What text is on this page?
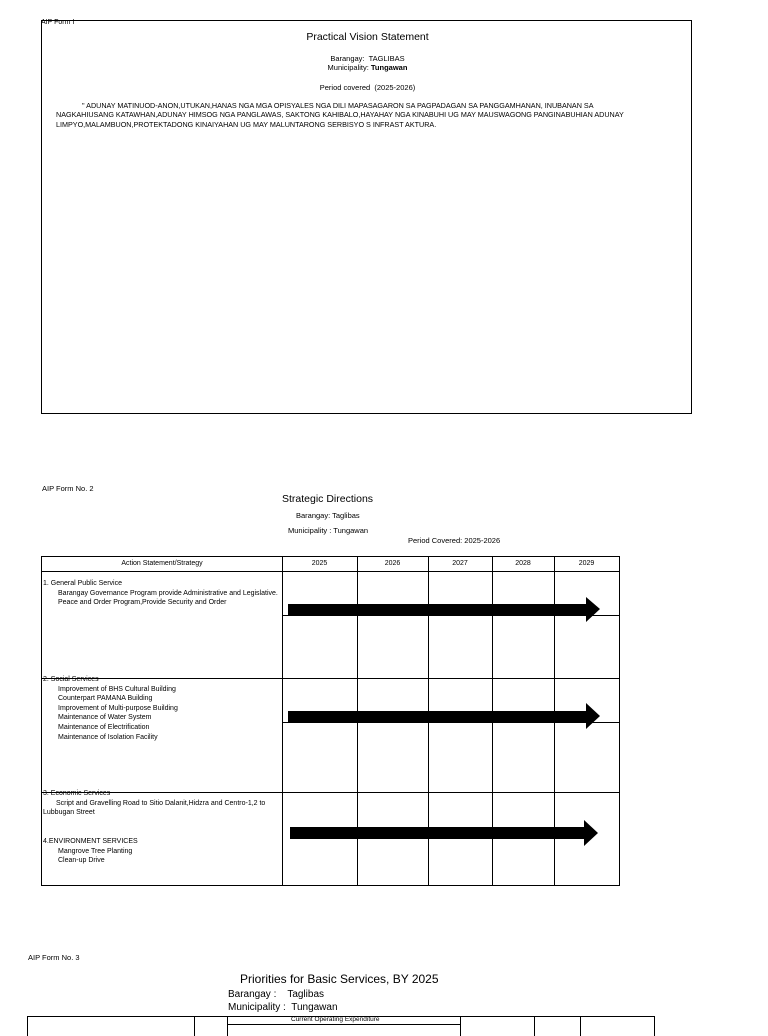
AIP Form I
Practical Vision Statement
Barangay: TAGLIBAS
Municipality: Tungawan
Period covered (2025-2026)
" ADUNAY MATINUOD-ANON,UTUKAN,HANAS NGA MGA OPISYALES NGA DILI MAPASAGARON SA PAGPADAGAN SA PANGGAMHANAN, INUBANAN SA NAGKAHIUSANG KATAWHAN,ADUNAY HIMSOG NGA PANGLAWAS, SAKTONG KAHIBALO,HAYAHAY NGA KINABUHI UG MAY MAUSWAGONG PANGINABUHIAN ADUNAY LIMPYO,MALAMBUON,PROTEKTADONG KINAIYAHAN UG MAY MALUNTARONG SERBISYO S INFRAST AKTURA.
AIP Form No. 2
Strategic Directions
Barangay: Taglibas
Municipality : Tungawan
Period Covered: 2025-2026
Action Statement/Strategy	2025	2026	2027	2028	2029
1. General Public Service
Barangay Governance Program provide Administrative and Legislative.
Peace and Order Program,Provide Security and Order
2. Social Services
Improvement of BHS Cultural Building
Counterpart PAMANA Building
Improvement of Multi-purpose Building
Maintenance of Water System
Maintenance of Electrification
Maintenance of Isolation Facility
3. Economic Services
Script and Gravelling Road to Sitio Dalanit,Hidzra and Centro-1,2 to Lubbugan Street
4.ENVIRONMENT SERVICES
Mangrove Tree Planting
Clean-up Drive
AIP Form No. 3
Priorities for Basic Services, BY 2025
Barangay : Taglibas
Municipality : Tungawan
Current Operating Expenditure
